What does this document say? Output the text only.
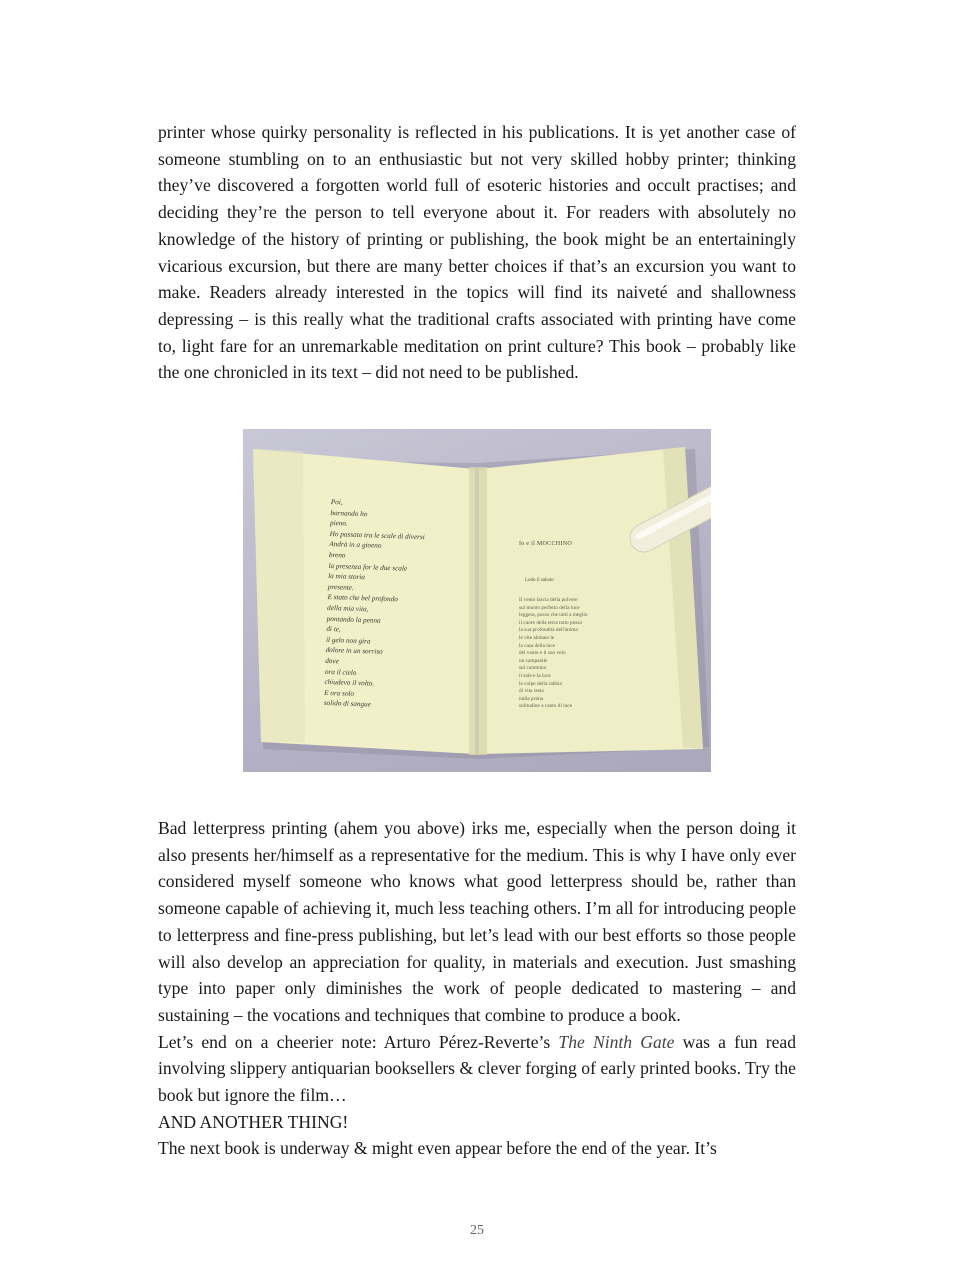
printer whose quirky personality is reflected in his publications. It is yet another case of someone stumbling on to an enthusiastic but not very skilled hobby printer; thinking they’ve discovered a forgotten world full of esoteric histories and occult practises; and deciding they’re the person to tell everyone about it. For readers with absolutely no knowledge of the history of printing or publishing, the book might be an entertainingly vicarious excursion, but there are many better choices if that’s an excursion you want to make. Readers already interested in the topics will find its naiveté and shallowness depressing – is this really what the traditional crafts associated with printing have come to, light fare for an unremarkable meditation on print culture? This book – probably like the one chronicled in its text – did not need to be published.

Poi,
barnando ho
pieno.
Ho passato tra le scale di diversi
Andrà in a gioeno
breno
la presenza for le due scale
la mia storia
presente.
E stato che bel profondo
della mia vita,
pontando la penna
di te,
il gelo non gira
dolore in un sorriso
dove
ora il cielo
chiudeva il volto.
E ora solo
solido di sangue
Io e il MOCCHINO
Lodo il sabato
Il vento lascia della polvere
sul monto perfetto della luce
leggera, posso che tutti a meglio
il cuore della terra tutto posso
la sua profondità dell'anima
le vite abitano le
la casa della luce
del vento e il suo velo
un campanile
sul cammino
il sole e la luce
le colpe della rabbia
di vita resta
nulla prima
solitudine a canto di luce

Bad letterpress printing (ahem you above) irks me, especially when the person doing it also presents her/himself as a representative for the medium. This is why I have only ever considered myself someone who knows what good letterpress should be, rather than someone capable of achieving it, much less teaching others. I’m all for introducing people to letterpress and fine-press publishing, but let’s lead with our best efforts so those people will also develop an appreciation for quality, in materials and execution. Just smashing type into paper only diminishes the work of people dedicated to mastering – and sustaining – the vocations and techniques that combine to produce a book.

Let’s end on a cheerier note: Arturo Pérez-Reverte’s The Ninth Gate was a fun read involving slippery antiquarian booksellers & clever forging of early printed books. Try the book but ignore the film…

AND ANOTHER THING!

The next book is underway & might even appear before the end of the year. It’s

25
